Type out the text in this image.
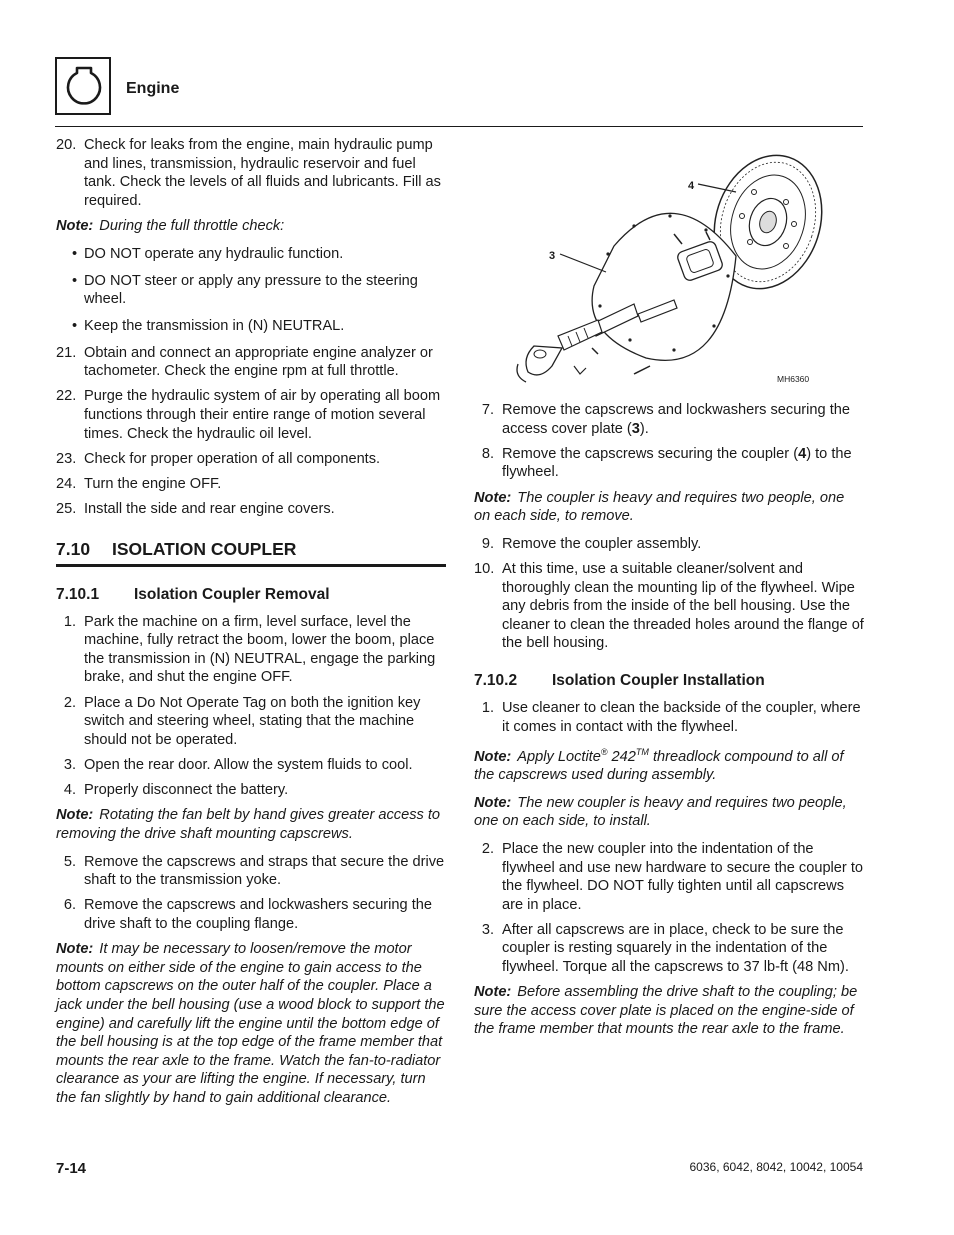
Engine
20. Check for leaks from the engine, main hydraulic pump and lines, transmission, hydraulic reservoir and fuel tank. Check the levels of all fluids and lubricants. Fill as required.
Note: During the full throttle check:
• DO NOT operate any hydraulic function.
• DO NOT steer or apply any pressure to the steering wheel.
• Keep the transmission in (N) NEUTRAL.
21. Obtain and connect an appropriate engine analyzer or tachometer. Check the engine rpm at full throttle.
22. Purge the hydraulic system of air by operating all boom functions through their entire range of motion several times. Check the hydraulic oil level.
23. Check for proper operation of all components.
24. Turn the engine OFF.
25. Install the side and rear engine covers.
7.10 ISOLATION COUPLER
7.10.1 Isolation Coupler Removal
1. Park the machine on a firm, level surface, level the machine, fully retract the boom, lower the boom, place the transmission in (N) NEUTRAL, engage the parking brake, and shut the engine OFF.
2. Place a Do Not Operate Tag on both the ignition key switch and steering wheel, stating that the machine should not be operated.
3. Open the rear door. Allow the system fluids to cool.
4. Properly disconnect the battery.
Note: Rotating the fan belt by hand gives greater access to removing the drive shaft mounting capscrews.
5. Remove the capscrews and straps that secure the drive shaft to the transmission yoke.
6. Remove the capscrews and lockwashers securing the drive shaft to the coupling flange.
Note: It may be necessary to loosen/remove the motor mounts on either side of the engine to gain access to the bottom capscrews on the outer half of the coupler. Place a jack under the bell housing (use a wood block to support the engine) and carefully lift the engine until the bottom edge of the bell housing is at the top edge of the frame member that mounts the rear axle to the frame. Watch the fan-to-radiator clearance as your are lifting the engine. If necessary, turn the fan slightly by hand to gain additional clearance.
4
3
MH6360
7. Remove the capscrews and lockwashers securing the access cover plate (3).
8. Remove the capscrews securing the coupler (4) to the flywheel.
Note: The coupler is heavy and requires two people, one on each side, to remove.
9. Remove the coupler assembly.
10. At this time, use a suitable cleaner/solvent and thoroughly clean the mounting lip of the flywheel. Wipe any debris from the inside of the bell housing. Use the cleaner to clean the threaded holes around the flange of the bell housing.
7.10.2 Isolation Coupler Installation
1. Use cleaner to clean the backside of the coupler, where it comes in contact with the flywheel.
Note: Apply Loctite® 242™ threadlock compound to all of the capscrews used during assembly.
Note: The new coupler is heavy and requires two people, one on each side, to install.
2. Place the new coupler into the indentation of the flywheel and use new hardware to secure the coupler to the flywheel. DO NOT fully tighten until all capscrews are in place.
3. After all capscrews are in place, check to be sure the coupler is resting squarely in the indentation of the flywheel. Torque all the capscrews to 37 lb-ft (48 Nm).
Note: Before assembling the drive shaft to the coupling; be sure the access cover plate is placed on the engine-side of the frame member that mounts the rear axle to the frame.
7-14	6036, 6042, 8042, 10042, 10054
